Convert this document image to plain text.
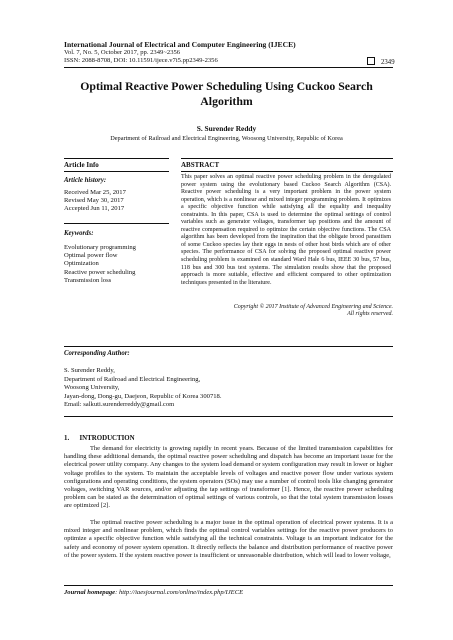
International Journal of Electrical and Computer Engineering (IJECE)
Vol. 7, No. 5, October 2017, pp. 2349~2356
ISSN: 2088-8708, DOI: 10.11591/ijece.v7i5.pp2349-2356	2349
Optimal Reactive Power Scheduling Using Cuckoo Search
Algorithm
S. Surender Reddy
Department of Railroad and Electrical Engineering, Woosong University, Republic of Korea
Article Info	ABSTRACT
Article history:
Received Mar 25, 2017
Revised May 30, 2017
Accepted Jun 11, 2017
Keywords:
Evolutionary programming
Optimal power flow
Optimization
Reactive power scheduling
Transmission loss
This paper solves an optimal reactive power scheduling problem in the deregulated power system using the evolutionary based Cuckoo Search Algorithm (CSA). Reactive power scheduling is a very important problem in the power system operation, which is a nonlinear and mixed integer programming problem. It optimizes a specific objective function while satisfying all the equality and inequality constraints. In this paper, CSA is used to determine the optimal settings of control variables such as generator voltages, transformer tap positions and the amount of reactive compensation required to optimize the certain objective functions. The CSA algorithm has been developed from the inspiration that the obligate brood parasitism of some Cuckoo species lay their eggs in nests of other host birds which are of other species. The performance of CSA for solving the proposed optimal reactive power scheduling problem is examined on standard Ward Hale 6 bus, IEEE 30 bus, 57 bus, 118 bus and 300 bus test systems. The simulation results show that the proposed approach is more suitable, effective and efficient compared to other optimization techniques presented in the literature.
Copyright © 2017 Institute of Advanced Engineering and Science.
All rights reserved.
Corresponding Author:
S. Surender Reddy,
Department of Railroad and Electrical Engineering,
Woosong University,
Jayan-dong, Dong-gu, Daejeon, Republic of Korea 300718.
Email: salkuti.surenderreddy@gmail.com
1.      INTRODUCTION

The demand for electricity is growing rapidly in recent years. Because of the limited transmission capabilities for handling these additional demands, the optimal reactive power scheduling and dispatch has become an important issue for the electrical power utility company. Any changes to the system load demand or system configuration may result in lower or higher voltage profiles to the system. To maintain the acceptable levels of voltages and reactive power flow under various system configurations and operating conditions, the system operators (SOs) may use a number of control tools like changing generator voltages, switching VAR sources, and/or adjusting the tap settings of transformer [1]. Hence, the reactive power scheduling problem can be stated as the determination of optimal settings of various controls, so that the total system transmission losses are optimized [2].

The optimal reactive power scheduling is a major issue in the optimal operation of electrical power systems. It is a mixed integer and nonlinear problem, which finds the optimal control variables settings for the reactive power producers to optimize a specific objective function while satisfying all the technical constraints. Voltage is an important indicator for the safety and economy of power system operation. It directly reflects the balance and distribution performance of reactive power of the power system. If the system reactive power is insufficient or unreasonable distribution, which will lead to lower voltage,

Journal homepage: http://iaesjournal.com/online/index.php/IJECE
